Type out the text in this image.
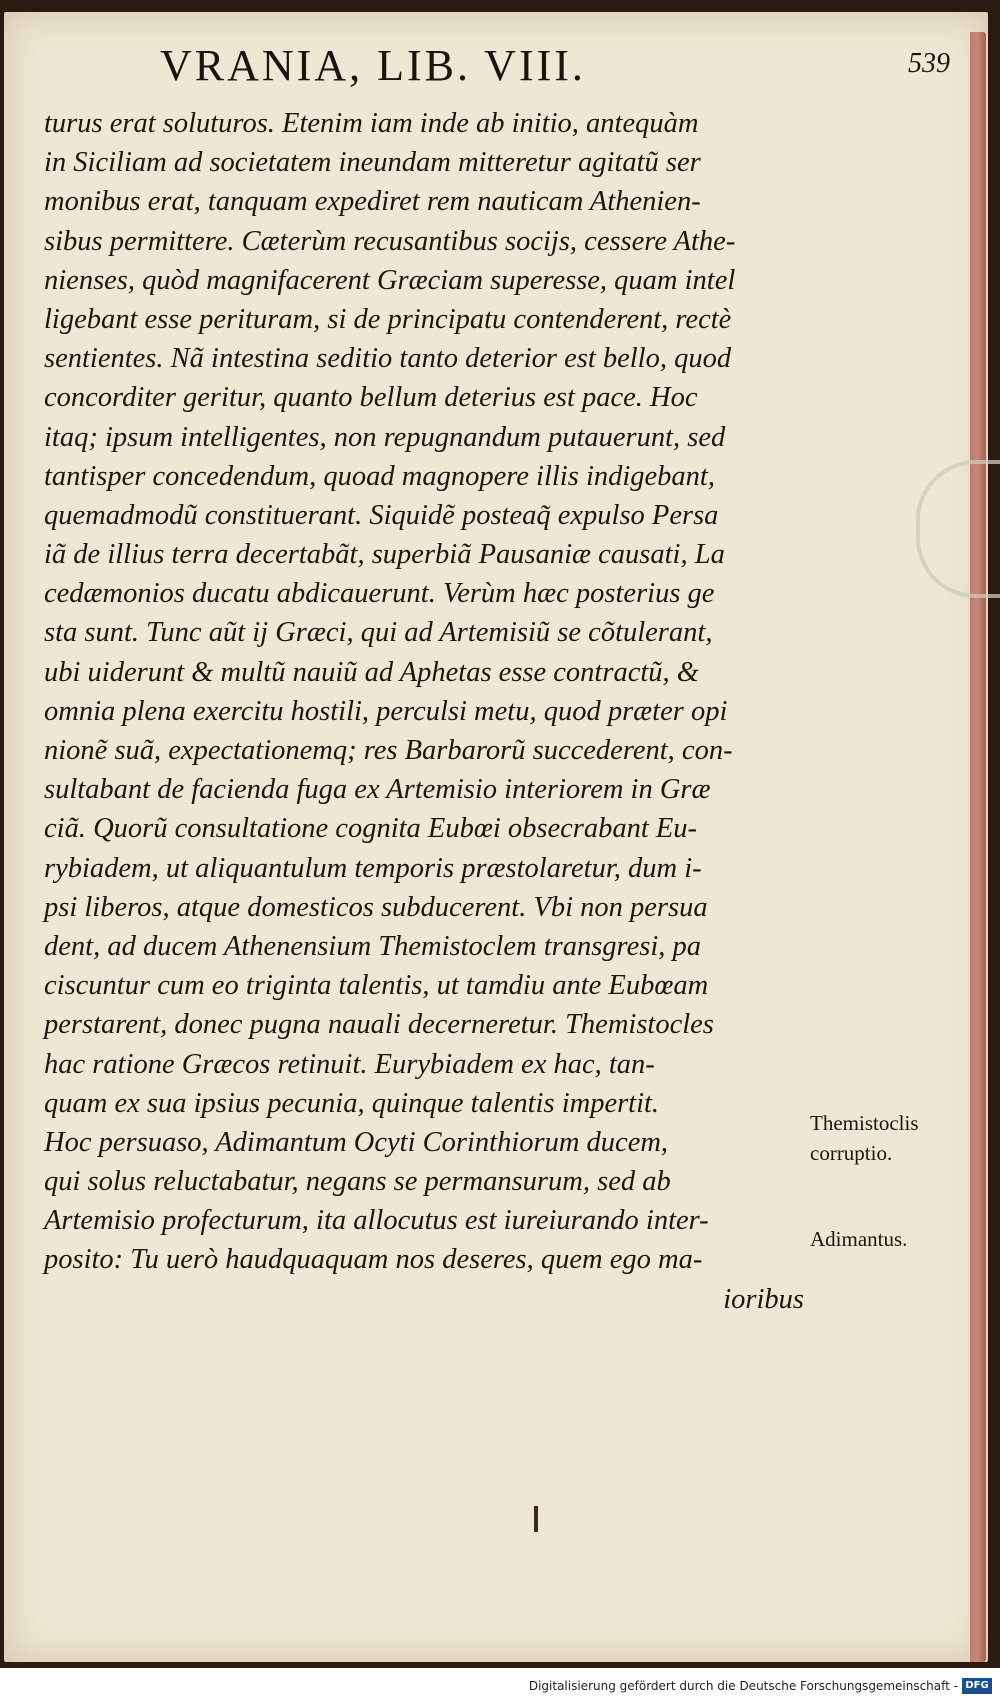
VRANIA, LIB. VIII.	539
turus erat soluturos. Etenim iam inde ab initio, antequàm
in Siciliam ad societatem ineundam mitteretur agitatũ ser
monibus erat, tanquam expediret rem nauticam Athenien-
sibus permittere. Cæterùm recusantibus socijs, cessere Athe-
nienses, quòd magnifacerent Græciam superesse, quam intel
ligebant esse perituram, si de principatu contenderent, rectè
sentientes. Nã intestina seditio tanto deterior est bello, quod
concorditer geritur, quanto bellum deterius est pace. Hoc
itaq; ipsum intelligentes, non repugnandum putauerunt, sed
tantisper concedendum, quoad magnopere illis indigebant,
quemadmodũ constituerant. Siquidẽ posteaq̃ expulso Persa
iã de illius terra decertabãt, superbiã Pausaniæ causati, La
cedæmonios ducatu abdicauerunt. Verùm hæc posterius ge
sta sunt. Tunc aũt ij Græci, qui ad Artemisiũ se cõtulerant,
ubi uiderunt & multũ nauiũ ad Aphetas esse contractũ, &
omnia plena exercitu hostili, perculsi metu, quod præter opi
nionẽ suã, expectationemq; res Barbarorũ succederent, con-
sultabant de facienda fuga ex Artemisio interiorem in Græ
ciã. Quorũ consultatione cognita Eubœi obsecrabant Eu-
rybiadem, ut aliquantulum temporis præstolaretur, dum i-
psi liberos, atque domesticos subducerent. Vbi non persua
dent, ad ducem Athenensium Themistoclem transgresi, pa
ciscuntur cum eo triginta talentis, ut tamdiu ante Eubœam
perstarent, donec pugna nauali decerneretur. Themistocles
hac ratione Græcos retinuit. Eurybiadem ex hac, tan-
quam ex sua ipsius pecunia, quinque talentis impertit.
Hoc persuaso, Adimantum Ocyti Corinthiorum ducem,
qui solus reluctabatur, negans se permansurum, sed ab
Artemisio profecturum, ita allocutus est iureiurando inter-
posito: Tu uerò haudquaquam nos deseres, quem ego ma-
ioribus
Themistoclis corruptio.
Adimantus.
Digitalisierung gefördert durch die Deutsche Forschungsgemeinschaft - DFG
